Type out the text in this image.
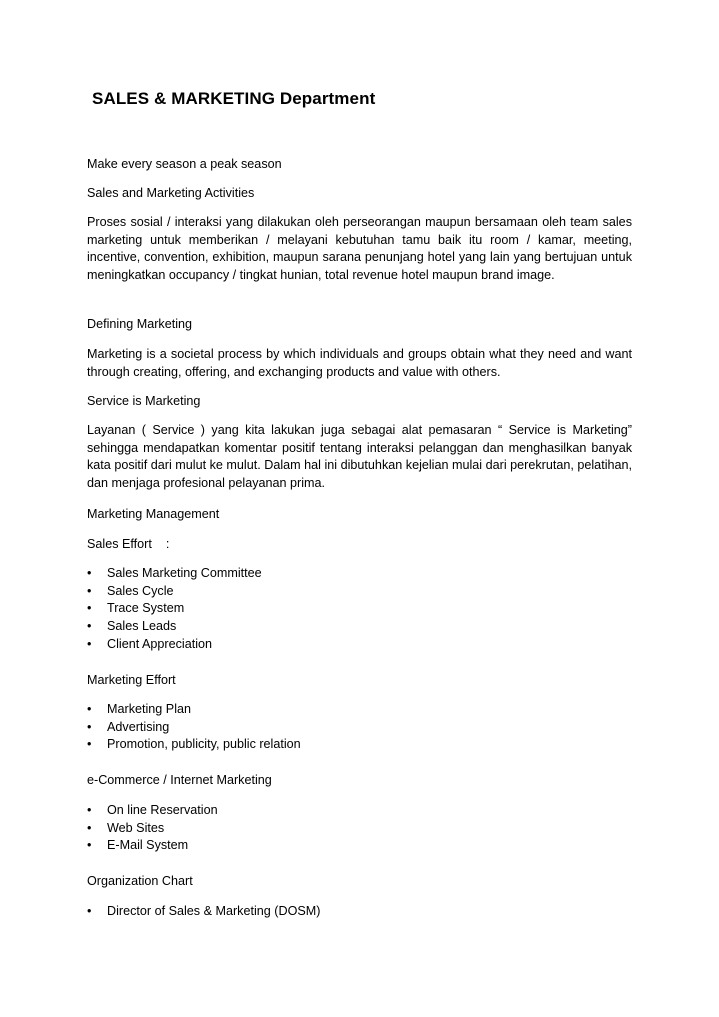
SALES & MARKETING Department
Make every season a peak season
Sales and Marketing Activities
Proses sosial / interaksi yang dilakukan oleh perseorangan maupun bersamaan oleh team sales marketing untuk memberikan / melayani kebutuhan tamu baik itu room / kamar, meeting, incentive, convention, exhibition, maupun sarana penunjang hotel yang lain yang bertujuan untuk meningkatkan occupancy / tingkat hunian, total revenue hotel maupun brand image.
Defining Marketing
Marketing is a societal process by which individuals and groups obtain what they need and want through creating, offering, and exchanging products and value with others.
Service is Marketing
Layanan ( Service ) yang kita lakukan juga sebagai alat pemasaran “ Service is Marketing” sehingga mendapatkan komentar positif tentang interaksi pelanggan dan menghasilkan banyak kata positif dari mulut ke mulut. Dalam hal ini dibutuhkan kejelian mulai dari perekrutan, pelatihan, dan menjaga profesional pelayanan prima.
Marketing Management
Sales Effort    :
• Sales Marketing Committee
• Sales Cycle
• Trace System
• Sales Leads
• Client Appreciation
Marketing Effort
• Marketing Plan
• Advertising
• Promotion, publicity, public relation
e-Commerce / Internet Marketing
• On line Reservation
• Web Sites
• E-Mail System
Organization Chart
• Director of Sales & Marketing (DOSM)
